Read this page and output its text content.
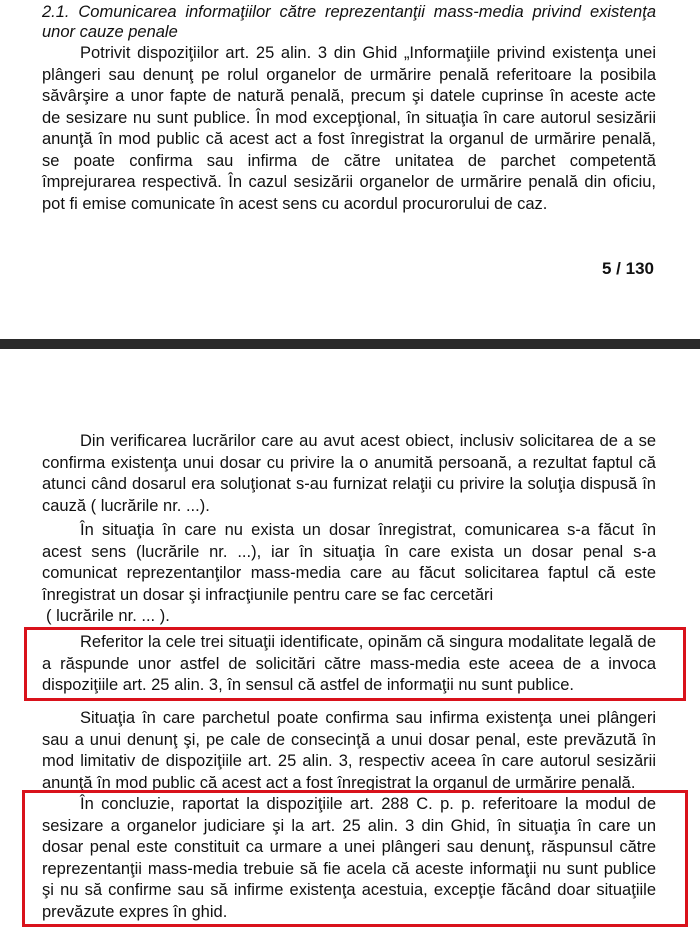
2.1. Comunicarea informaţiilor către reprezentanţii mass-media privind existenţa unor cauze penale
Potrivit dispoziţiilor art. 25 alin. 3 din Ghid „Informaţiile privind existenţa unei plângeri sau denunţ pe rolul organelor de urmărire penală referitoare la posibila săvârşire a unor fapte de natură penală, precum şi datele cuprinse în aceste acte de sesizare nu sunt publice. În mod excepţional, în situaţia în care autorul sesizării anunţă în mod public că acest act a fost înregistrat la organul de urmărire penală, se poate confirma sau infirma de către unitatea de parchet competentă împrejurarea respectivă. În cazul sesizării organelor de urmărire penală din oficiu, pot fi emise comunicate în acest sens cu acordul procurorului de caz.
5 / 130
Din verificarea lucrărilor care au avut acest obiect, inclusiv solicitarea de a se confirma existenţa unui dosar cu privire la o anumită persoană, a rezultat faptul că atunci când dosarul era soluţionat s-au furnizat relaţii cu privire la soluţia dispusă în cauză ( lucrările nr. ...).
În situaţia în care nu exista un dosar înregistrat, comunicarea s-a făcut în acest sens (lucrările nr. ...), iar în situaţia în care exista un dosar penal s-a comunicat reprezentanţilor mass-media care au făcut solicitarea faptul că este înregistrat un dosar şi infracţiunile pentru care se fac cercetări
( lucrările nr. ... ).
Referitor la cele trei situaţii identificate, opinăm că singura modalitate legală de a răspunde unor astfel de solicitări către mass-media este aceea de a invoca dispoziţiile art. 25 alin. 3, în sensul că astfel de informaţii nu sunt publice.
Situaţia în care parchetul poate confirma sau infirma existenţa unei plângeri sau a unui denunţ şi, pe cale de consecinţă a unui dosar penal, este prevăzută în mod limitativ de dispoziţiile art. 25 alin. 3, respectiv aceea în care autorul sesizării anunţă în mod public că acest act a fost înregistrat la organul de urmărire penală.
În concluzie, raportat la dispoziţiile art. 288 C. p. p. referitoare la modul de sesizare a organelor judiciare şi la art. 25 alin. 3 din Ghid, în situaţia în care un dosar penal este constituit ca urmare a unei plângeri sau denunţ, răspunsul către reprezentanţii mass-media trebuie să fie acela că aceste informaţii nu sunt publice şi nu să confirme sau să infirme existenţa acestuia, excepţie făcând doar situaţiile prevăzute expres în ghid.
